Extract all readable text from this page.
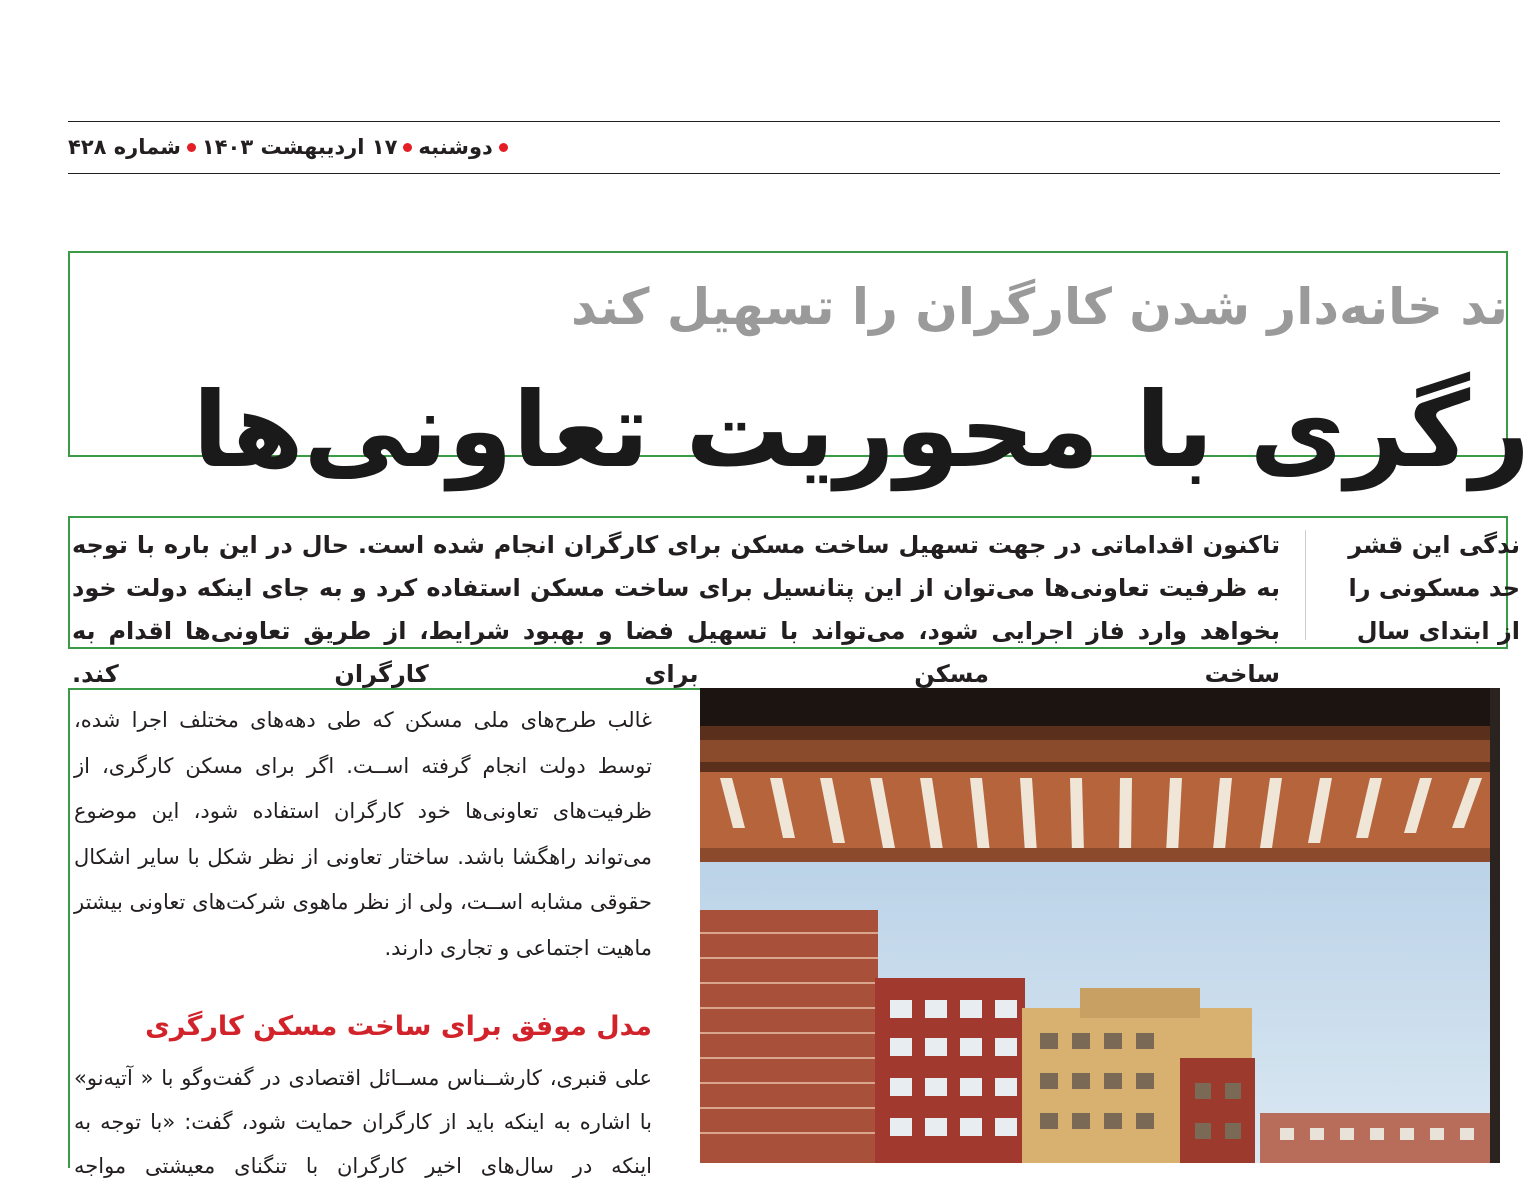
دوشنبه۱۷ اردیبهشت ۱۴۰۳شماره ۴۲۸
ند خانه‌دار شدن کارگران را تسهیل کند
رگری با محوریت تعاونی‌ها
تاکنون اقداماتی در جهت تسهیل ساخت مسکن برای کارگران انجام شده است. حال در این باره با توجه به ظرفیت تعاونی‌ها می‌توان از این پتانسیل برای ساخت مسکن استفاده کرد و به جای اینکه دولت خود بخواهد وارد فاز اجرایی شود، می‌تواند با تسهیل فضا و بهبود شرایط، از طریق تعاونی‌ها اقدام به ساخت مسکن برای کارگران کند.
ندگی این قشر
حد مسکونی را
از ابتدای سال
غالب طرح‌های ملی مسکن که طی دهه‌های مختلف اجرا شده، توسط دولت انجام گرفته اســت. اگر برای مسکن کارگری، از ظرفیت‌های تعاونی‌ها خود کارگران استفاده شود، این موضوع می‌تواند راهگشا باشد. ساختار تعاونی از نظر شکل با سایر اشکال حقوقی مشابه اســت، ولی از نظر ماهوی شرکت‌های تعاونی بیشتر ماهیت اجتماعی و تجاری دارند.
مدل موفق برای ساخت مسکن کارگری

علی قنبری، کارشــناس مســائل اقتصادی در گفت‌وگو با « آتیه‌نو» با اشاره به اینکه باید از کارگران حمایت شود، گفت: «با توجه به اینکه در سال‌های اخیر کارگران با تنگنای معیشتی مواجه
